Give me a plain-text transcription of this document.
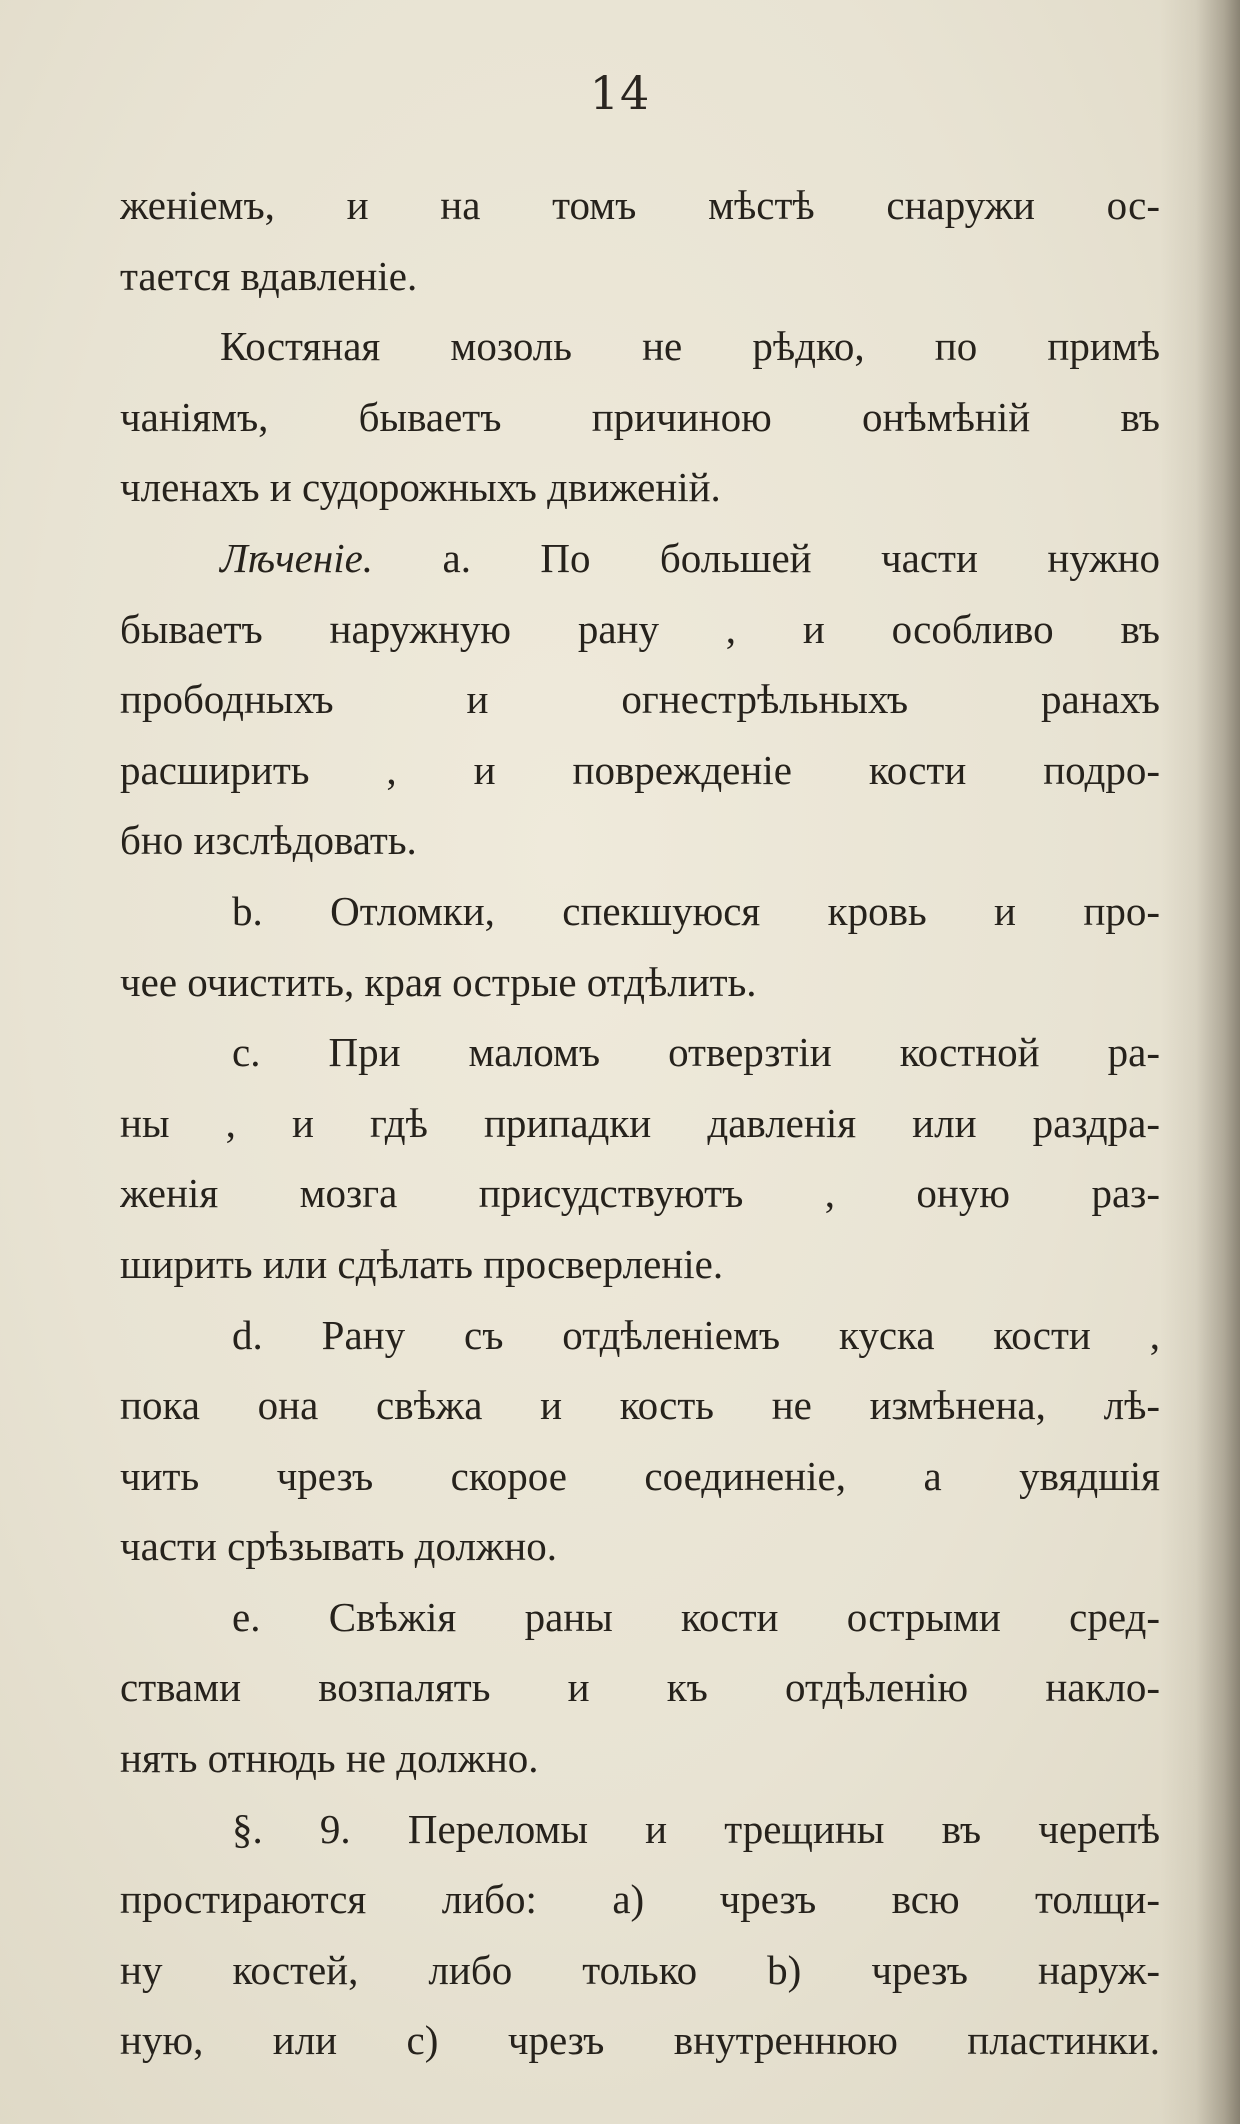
14
женіемъ, и на томъ мѣстѣ снаружи ос-
тается вдавленіе.
Костяная мозоль не рѣдко, по примѣ
чаніямъ, бываетъ причиною онѣмѣній въ
членахъ и судорожныхъ движеній.
Лѣченіе. а. По большей части нужно
бываетъ наружную рану , и особливо въ
прободныхъ и огнестрѣльныхъ ранахъ
расширить , и поврежденіе кости подро-
бно изслѣдовать.
b. Отломки, спекшуюся кровь и про-
чее очистить, края острые отдѣлить.
c. При маломъ отверзтіи костной ра-
ны , и гдѣ припадки давленія или раздра-
женія мозга присудствуютъ , оную раз-
ширить или сдѣлать просверленіе.
d. Рану съ отдѣленіемъ куска кости ,
пока она свѣжа и кость не измѣнена, лѣ-
чить чрезъ скорое соединеніе, а увядшія
части срѣзывать должно.
e. Свѣжія раны кости острыми сред-
ствами возпалять и къ отдѣленію накло-
нять отнюдь не должно.
§. 9. Переломы и трещины въ черепѣ
простираются либо: а) чрезъ всю толщи-
ну костей, либо только b) чрезъ наруж-
ную, или c) чрезъ внутреннюю пластинки.
